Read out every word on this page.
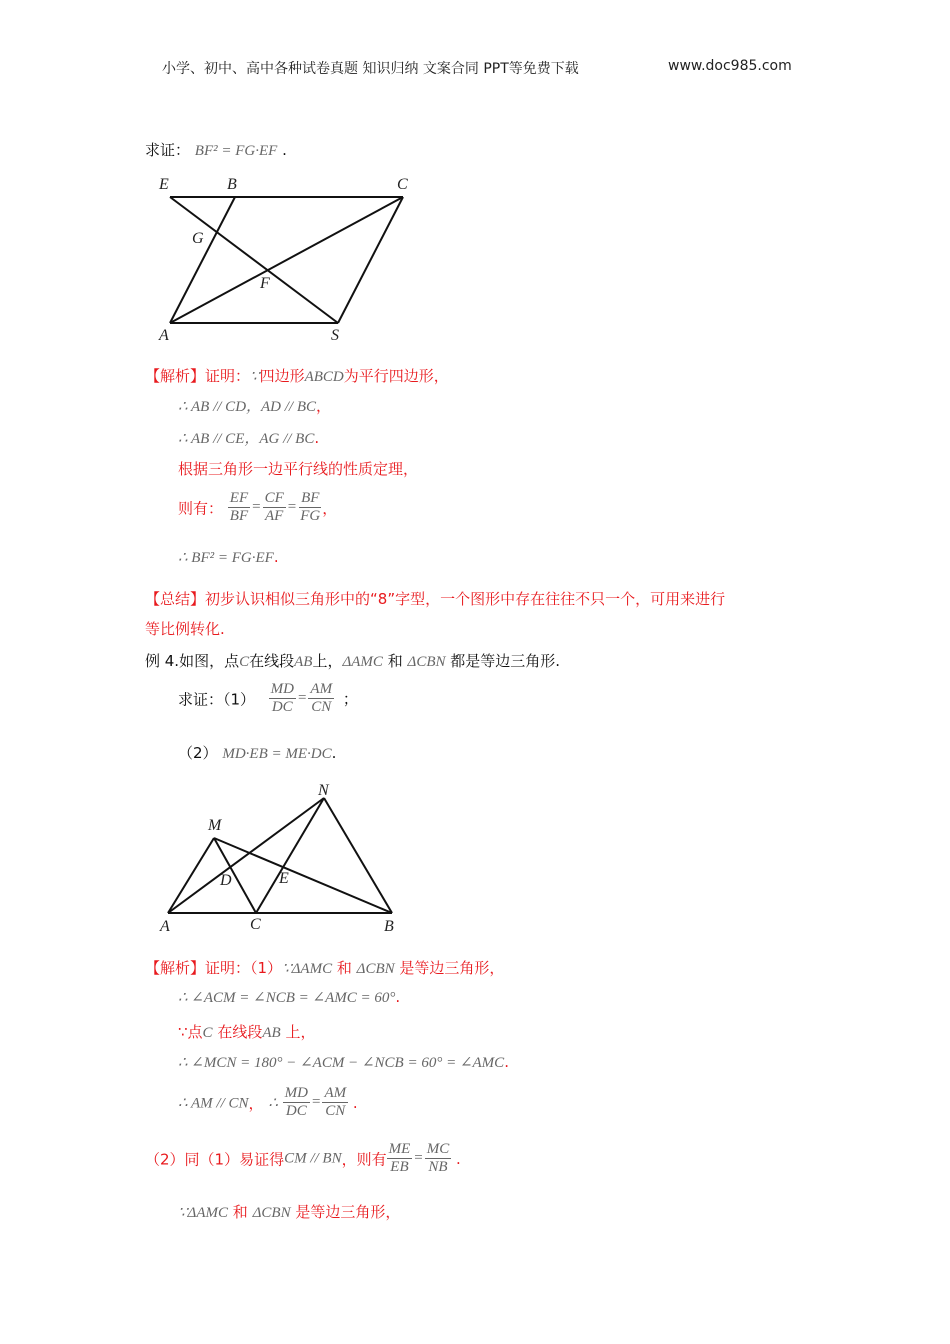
小学、初中、高中各种试卷真题 知识归纳 文案合同 PPT等免费下载	www.doc985.com
求证： BF² = FG·EF .
E	B	C
G
F
A	S
【解析】证明：∵四边形ABCD为平行四边形，
∴ AB // CD，AD // BC，
∴ AB // CE，AG // BC.
根据三角形一边平行线的性质定理，
则有： $\frac{EF}{BF} = \frac{CF}{AF} = \frac{BF}{FG}$ ，
∴ BF² = FG·EF.
【总结】初步认识相似三角形中的“8”字型，一个图形中存在往往不只一个，可用来进行
等比例转化.
例 4.如图，点C在线段AB上，ΔAMC 和 ΔCBN 都是等边三角形.
求证：$(1) \frac{MD}{DC} = \frac{AM}{CN}$ ；
（2） MD·EB = ME·DC.
N
M
D	E
A	C	B
【解析】证明：（1）∵ΔAMC 和 ΔCBN 是等边三角形，
∴ ∠ACM = ∠NCB = ∠AMC = 60°.
∵点C 在线段AB 上，
∴ ∠MCN = 180° − ∠ACM − ∠NCB = 60° = ∠AMC.
∴ AM // CN， ∴ $\frac{MD}{DC} = \frac{AM}{CN}$ .
（2）同（1）易证得CM // BN，则有 $\frac{ME}{EB} = \frac{MC}{NB}$ .
∵ΔAMC 和 ΔCBN 是等边三角形，
